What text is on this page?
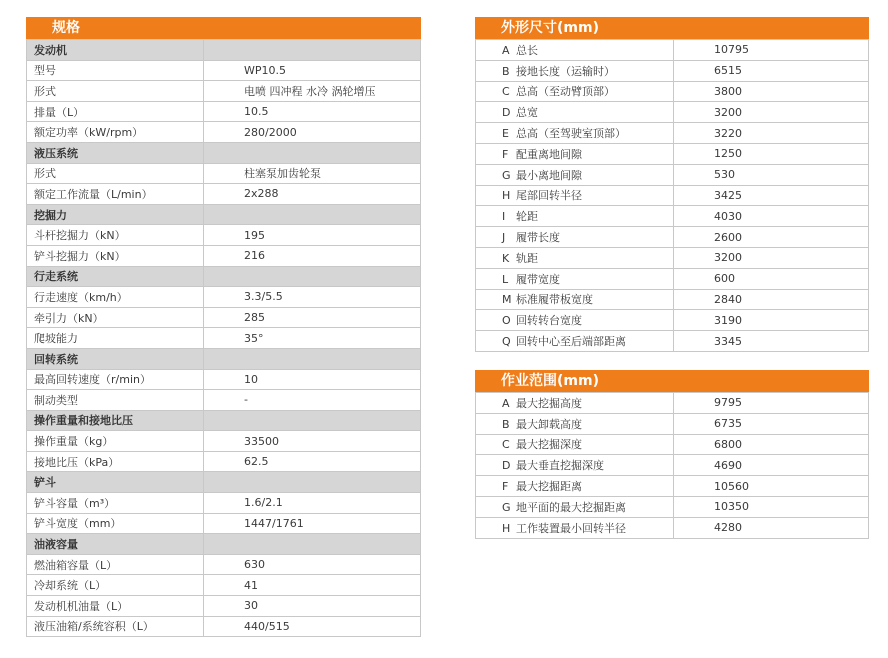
规格
发动机	
型号	WP10.5
形式	电喷 四冲程 水冷 涡轮增压
排量（L）	10.5
额定功率（kW/rpm）	280/2000
液压系统	
形式	柱塞泵加齿轮泵
额定工作流量（L/min）	2x288
挖掘力	
斗杆挖掘力（kN）	195
铲斗挖掘力（kN）	216
行走系统	
行走速度（km/h）	3.3/5.5
牵引力（kN）	285
爬坡能力	35°
回转系统	
最高回转速度（r/min）	10
制动类型	-
操作重量和接地比压	
操作重量（kg）	33500
接地比压（kPa）	62.5
铲斗	
铲斗容量（m³）	1.6/2.1
铲斗宽度（mm）	1447/1761
油液容量	
燃油箱容量（L）	630
冷却系统（L）	41
发动机机油量（L）	30
液压油箱/系统容积（L）	440/515
外形尺寸(mm)
A 总长	10795
B 接地长度（运输时）	6515
C 总高（至动臂顶部）	3800
D 总宽	3200
E 总高（至驾驶室顶部）	3220
F 配重离地间隙	1250
G 最小离地间隙	530
H 尾部回转半径	3425
I 轮距	4030
J 履带长度	2600
K 轨距	3200
L 履带宽度	600
M 标准履带板宽度	2840
O 回转转台宽度	3190
Q 回转中心至后端部距离	3345
作业范围(mm)
A 最大挖掘高度	9795
B 最大卸载高度	6735
C 最大挖掘深度	6800
D 最大垂直挖掘深度	4690
F 最大挖掘距离	10560
G 地平面的最大挖掘距离	10350
H 工作装置最小回转半径	4280
